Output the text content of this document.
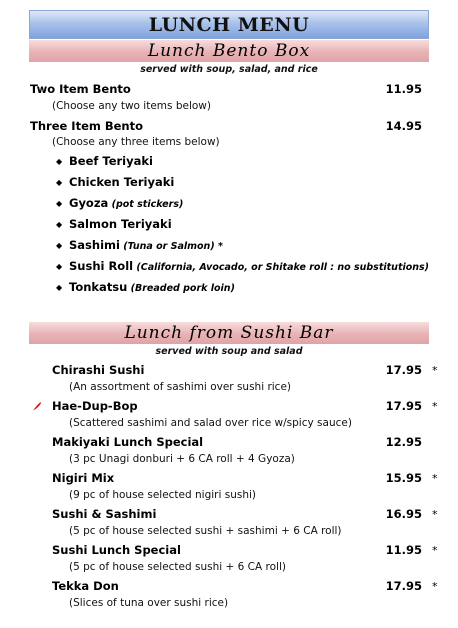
LUNCH MENU
Lunch Bento Box
served with soup, salad, and rice
Two Item Bento	11.95
(Choose any two items below)
Three Item Bento	14.95
(Choose any three items below)
◆ Beef Teriyaki
◆ Chicken Teriyaki
◆ Gyoza (pot stickers)
◆ Salmon Teriyaki
◆ Sashimi (Tuna or Salmon) *
◆ Sushi Roll (California, Avocado, or Shitake roll : no substitutions)
◆ Tonkatsu (Breaded pork loin)
Lunch from Sushi Bar
served with soup and salad
Chirashi Sushi	17.95 *
(An assortment of sashimi over sushi rice)
Hae-Dup-Bop	17.95 *
(Scattered sashimi and salad over rice w/spicy sauce)
Makiyaki Lunch Special	12.95
(3 pc Unagi donburi + 6 CA roll + 4 Gyoza)
Nigiri Mix	15.95 *
(9 pc of house selected nigiri sushi)
Sushi & Sashimi	16.95 *
(5 pc of house selected sushi + sashimi + 6 CA roll)
Sushi Lunch Special	11.95 *
(5 pc of house selected sushi + 6 CA roll)
Tekka Don	17.95 *
(Slices of tuna over sushi rice)
